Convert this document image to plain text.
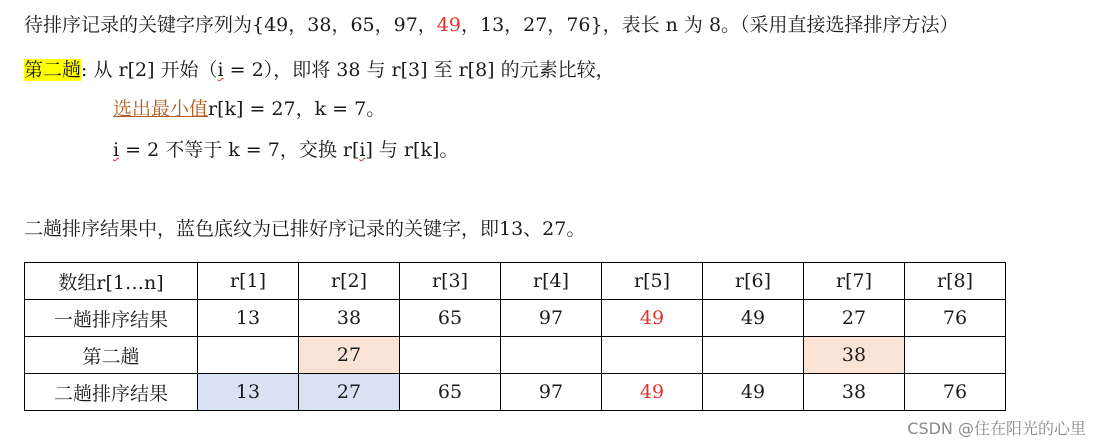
待排序记录的关键字序列为{49，38，65，97，49，13，27，76}，表长 n 为 8。（采用直接选择排序方法）
第二趟: 从 r[2] 开始（i = 2），即将 38 与 r[3] 至 r[8] 的元素比较，
选出最小值r[k] = 27，k = 7。
i = 2 不等于 k = 7，交换 r[i] 与 r[k]。
二趟排序结果中，蓝色底纹为已排好序记录的关键字，即13、27。
数组r[1…n]	r[1]	r[2]	r[3]	r[4]	r[5]	r[6]	r[7]	r[8]
一趟排序结果	13	38	65	97	49	49	27	76
第二趟		27					38	
二趟排序结果	13	27	65	97	49	49	38	76
CSDN @住在阳光的心里
